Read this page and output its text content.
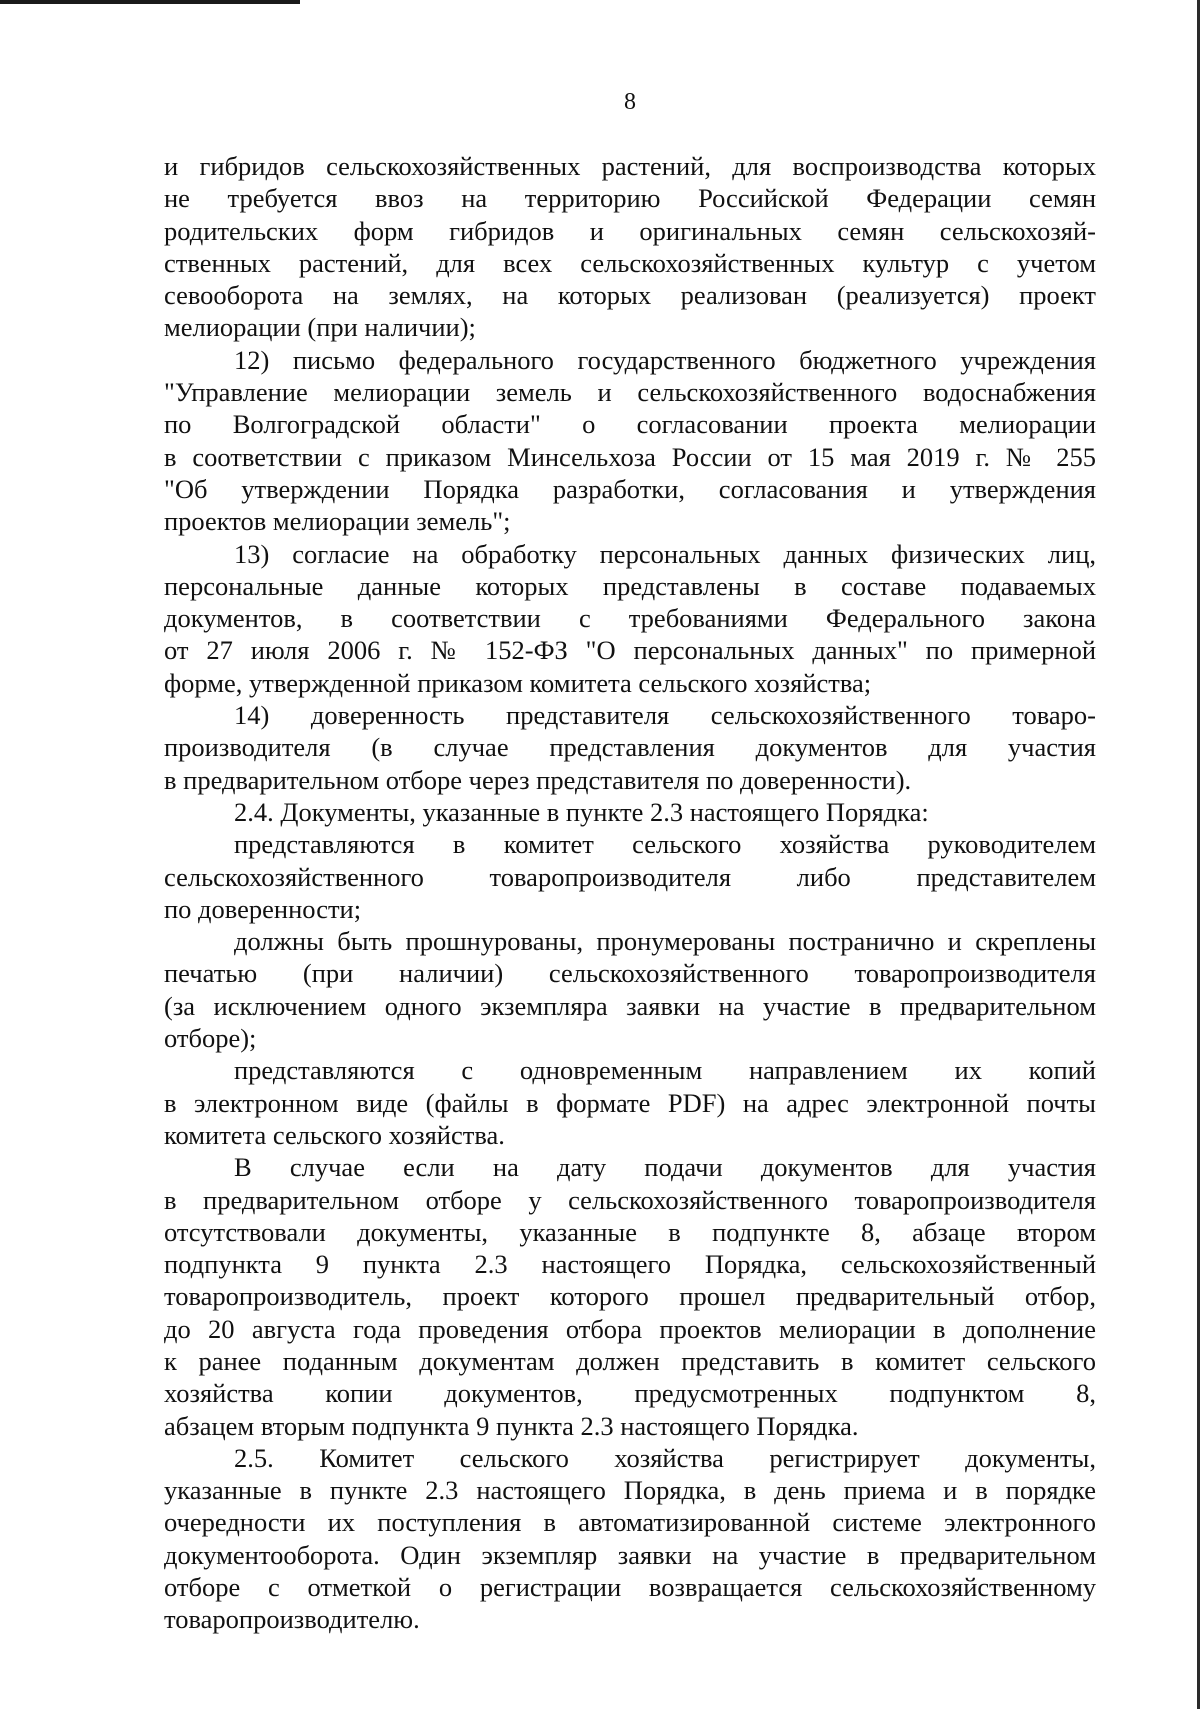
8
и гибридов сельскохозяйственных растений, для воспроизводства которых
не требуется ввоз на территорию Российской Федерации семян
родительских форм гибридов и оригинальных семян сельскохозяй-
ственных растений, для всех сельскохозяйственных культур с учетом
севооборота на землях, на которых реализован (реализуется) проект
мелиорации (при наличии);
12) письмо федерального государственного бюджетного учреждения
"Управление мелиорации земель и сельскохозяйственного водоснабжения
по Волгоградской области" о согласовании проекта мелиорации
в соответствии с приказом Минсельхоза России от 15 мая 2019 г. № 255
"Об утверждении Порядка разработки, согласования и утверждения
проектов мелиорации земель";
13) согласие на обработку персональных данных физических лиц,
персональные данные которых представлены в составе подаваемых
документов, в соответствии с требованиями Федерального закона
от 27 июля 2006 г. № 152-ФЗ "О персональных данных" по примерной
форме, утвержденной приказом комитета сельского хозяйства;
14) доверенность представителя сельскохозяйственного товаро-
производителя (в случае представления документов для участия
в предварительном отборе через представителя по доверенности).
2.4. Документы, указанные в пункте 2.3 настоящего Порядка:
представляются в комитет сельского хозяйства руководителем
сельскохозяйственного товаропроизводителя либо представителем
по доверенности;
должны быть прошнурованы, пронумерованы постранично и скреплены
печатью (при наличии) сельскохозяйственного товаропроизводителя
(за исключением одного экземпляра заявки на участие в предварительном
отборе);
представляются с одновременным направлением их копий
в электронном виде (файлы в формате PDF) на адрес электронной почты
комитета сельского хозяйства.
В случае если на дату подачи документов для участия
в предварительном отборе у сельскохозяйственного товаропроизводителя
отсутствовали документы, указанные в подпункте 8, абзаце втором
подпункта 9 пункта 2.3 настоящего Порядка, сельскохозяйственный
товаропроизводитель, проект которого прошел предварительный отбор,
до 20 августа года проведения отбора проектов мелиорации в дополнение
к ранее поданным документам должен представить в комитет сельского
хозяйства копии документов, предусмотренных подпунктом 8,
абзацем вторым подпункта 9 пункта 2.3 настоящего Порядка.
2.5. Комитет сельского хозяйства регистрирует документы,
указанные в пункте 2.3 настоящего Порядка, в день приема и в порядке
очередности их поступления в автоматизированной системе электронного
документооборота. Один экземпляр заявки на участие в предварительном
отборе с отметкой о регистрации возвращается сельскохозяйственному
товаропроизводителю.
